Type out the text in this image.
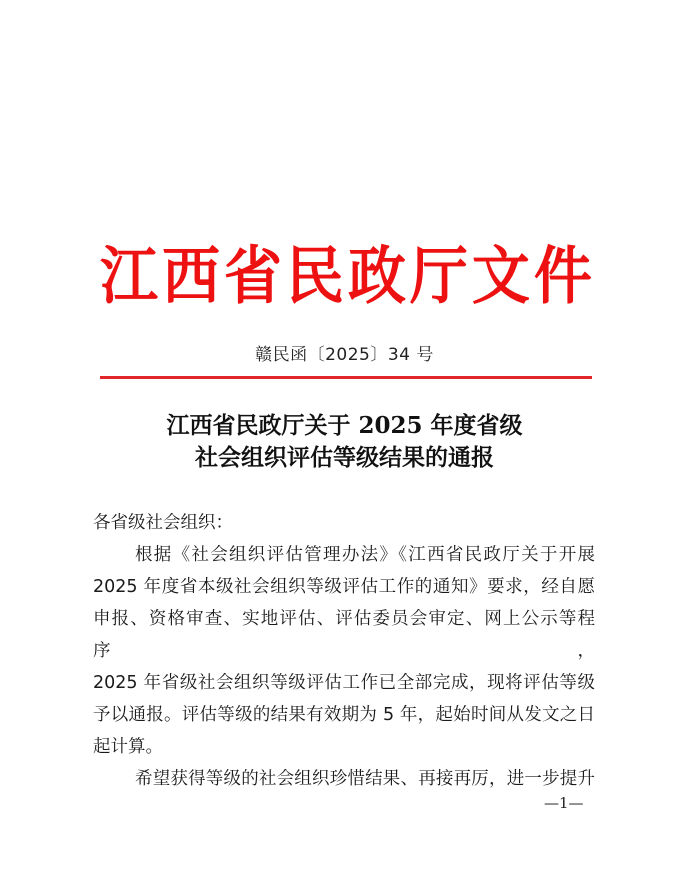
江 西 省 民 政 厅 文 件
赣民函〔2025〕34 号
江西省民政厅关于 2025 年度省级
社会组织评估等级结果的通报

各省级社会组织：

根据《社会组织评估管理办法》《江西省民政厅关于开展

2025 年度省本级社会组织等级评估工作的通知》要求，经自愿

申报、资格审查、实地评估、评估委员会审定、网上公示等程序，

2025 年省级社会组织等级评估工作已全部完成，现将评估等级

予以通报。评估等级的结果有效期为 5 年，起始时间从发文之日

起计算。

希望获得等级的社会组织珍惜结果、再接再厉，进一步提升

—1—
